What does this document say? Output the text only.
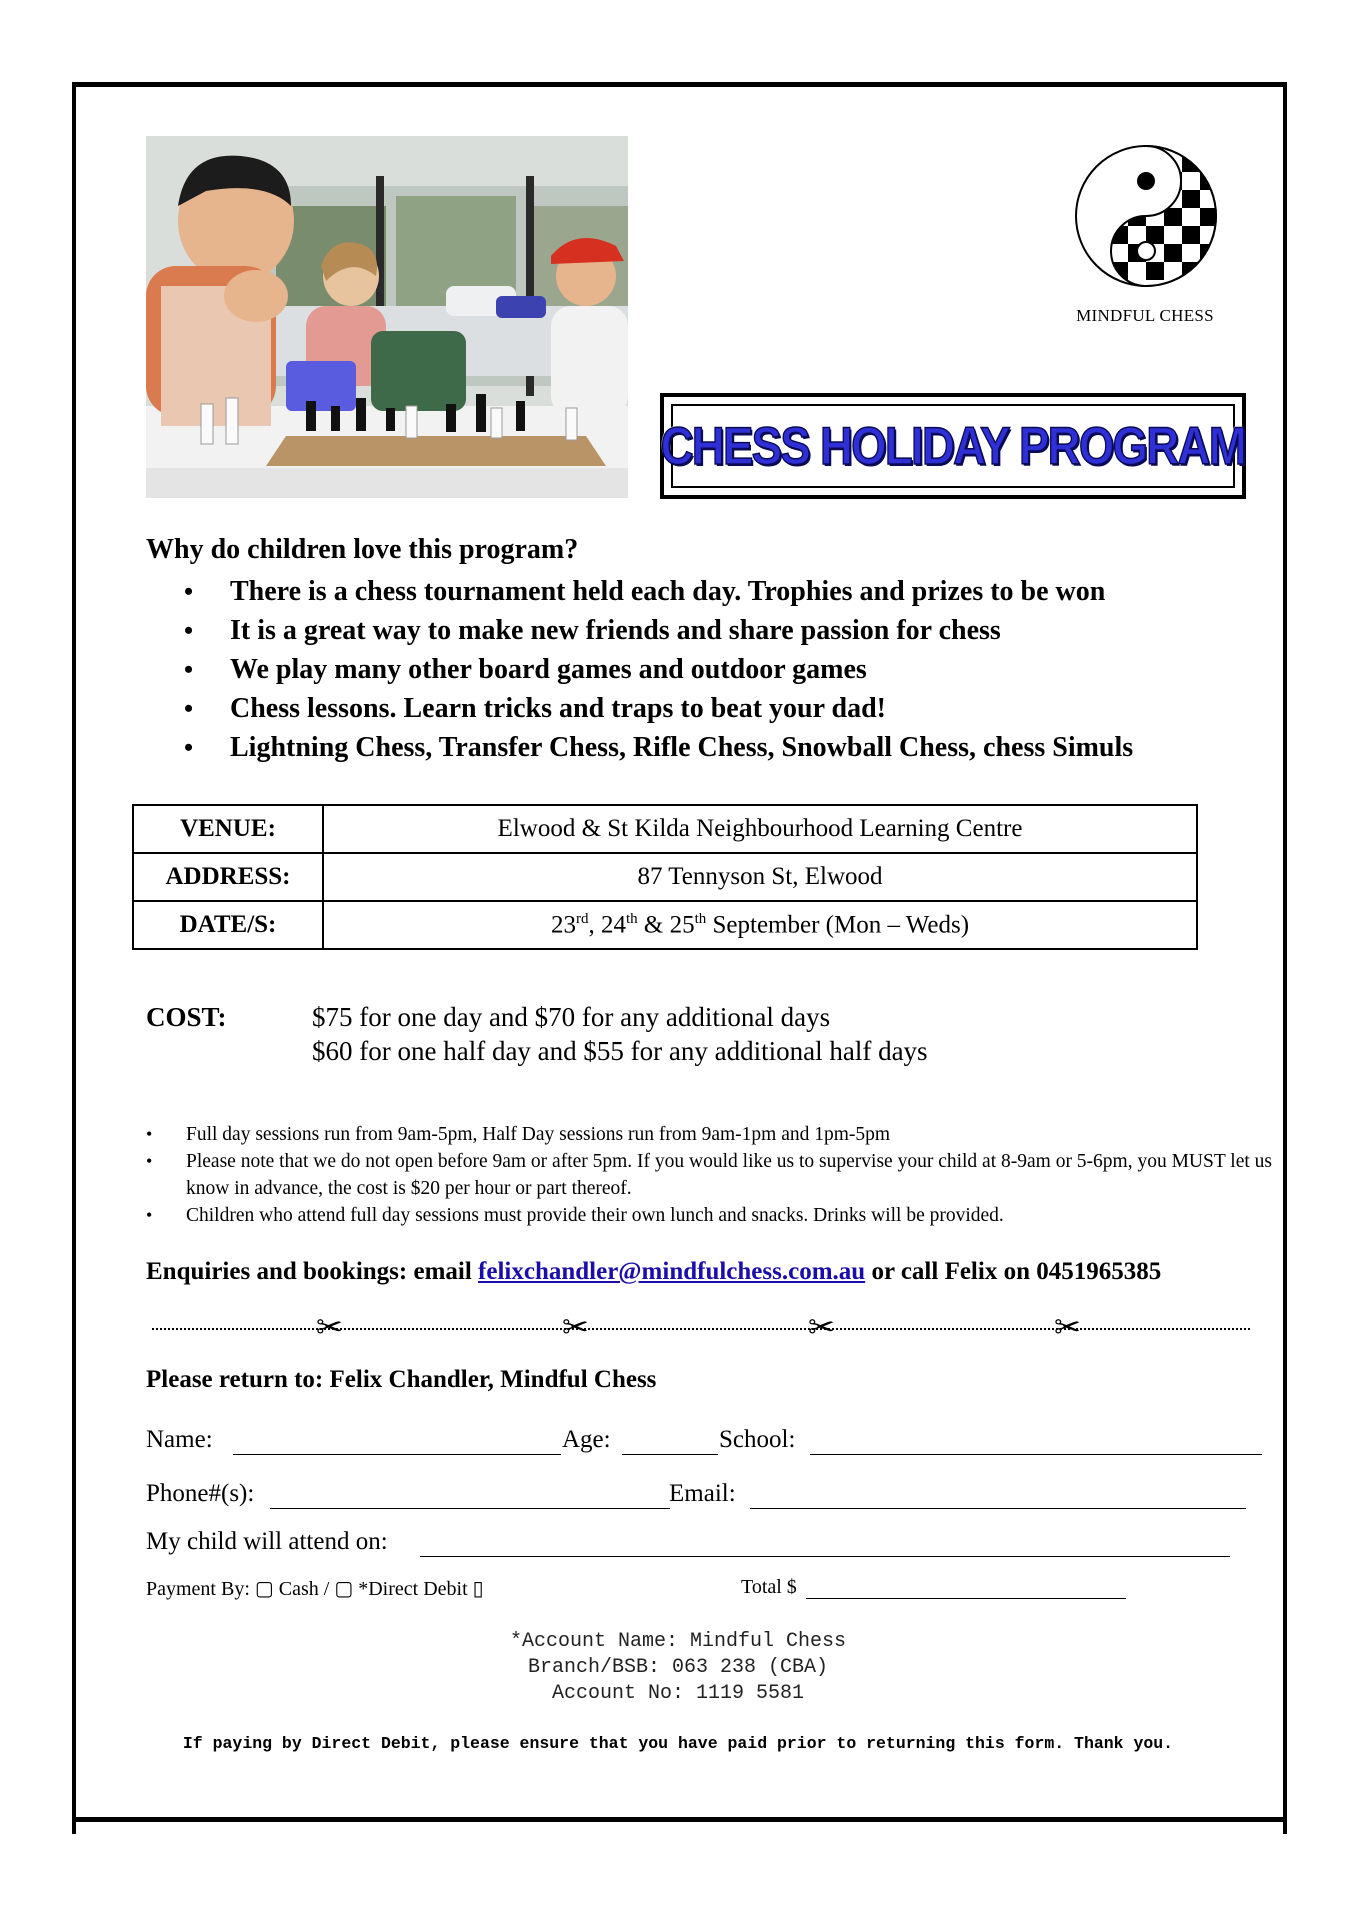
MINDFUL CHESS
CHESS HOLIDAY PROGRAM
Why do children love this program?
• There is a chess tournament held each day. Trophies and prizes to be won
• It is a great way to make new friends and share passion for chess
• We play many other board games and outdoor games
• Chess lessons. Learn tricks and traps to beat your dad!
• Lightning Chess, Transfer Chess, Rifle Chess, Snowball Chess, chess Simuls
VENUE:	Elwood & St Kilda Neighbourhood Learning Centre
ADDRESS:	87 Tennyson St, Elwood
DATE/S:	23rd, 24th & 25th September (Mon – Weds)
COST:	$75 for one day and $70 for any additional days
$60 for one half day and $55 for any additional half days
• Full day sessions run from 9am-5pm, Half Day sessions run from 9am-1pm and 1pm-5pm
• Please note that we do not open before 9am or after 5pm. If you would like us to supervise your child at 8-9am or 5-6pm, you MUST let us know in advance, the cost is $20 per hour or part thereof.
• Children who attend full day sessions must provide their own lunch and snacks. Drinks will be provided.
Enquiries and bookings: email felixchandler@mindfulchess.com.au or call Felix on 0451965385
✂	✂	✂	✂
Please return to: Felix Chandler, Mindful Chess
Name:	Age:	School:
Phone#(s):	Email:
My child will attend on:
Payment By: ▢ Cash / ▢ *Direct Debit ▯	Total $
*Account Name: Mindful Chess
Branch/BSB: 063 238 (CBA)
Account No: 1119 5581
If paying by Direct Debit, please ensure that you have paid prior to returning this form. Thank you.
